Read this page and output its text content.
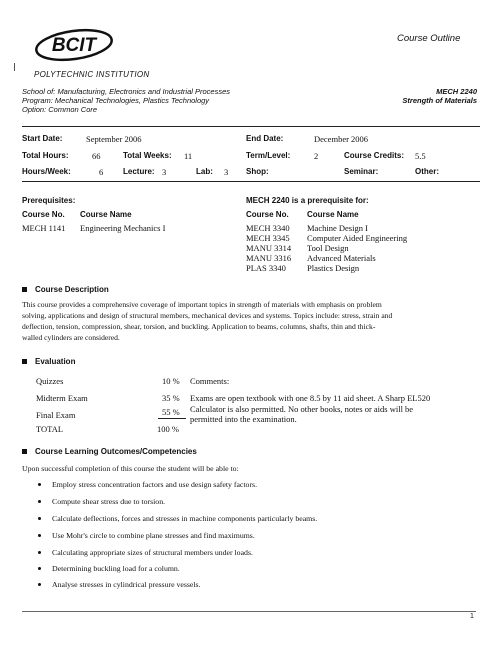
BCIT
POLYTECHNIC INSTITUTION
Course Outline
School of: Manufacturing, Electronics and Industrial Processes
Program: Mechanical Technologies, Plastics Technology
Option: Common Core
MECH 2240
Strength of Materials
Start Date:	September 2006	End Date:	December 2006
Total Hours:	66	Total Weeks: 11	Term/Level:	2	Course Credits: 5.5
Hours/Week:	6 Lecture: 3	Lab: 3 Shop:	Seminar:	Other:
Prerequisites:
Course No. Course Name
MECH 1141 Engineering Mechanics I
MECH 2240 is a prerequisite for:
Course No. Course Name
MECH 3340 Machine Design I
MECH 3345 Computer Aided Engineering
MANU 3314 Tool Design
MANU 3316 Advanced Materials
PLAS 3340 Plastics Design
Course Description
This course provides a comprehensive coverage of important topics in strength of materials with emphasis on problem
solving, applications and design of structural members, mechanical devices and systems. Topics include: stress, strain and
deflection, tension, compression, shear, torsion, and buckling. Application to beams, columns, shafts, thin and thick-
walled cylinders are considered.
Evaluation
Quizzes	10 % Comments:
Midterm Exam	35 % Exams are open textbook with one 8.5 by 11 aid sheet. A Sharp EL520
Final Exam	55 % Calculator is also permitted. No other books, notes or aids will be
permitted into the examination.
TOTAL	100 %
Course Learning Outcomes/Competencies
Upon successful completion of this course the student will be able to:
Employ stress concentration factors and use design safety factors.
Compute shear stress due to torsion.
Calculate deflections, forces and stresses in machine components particularly beams.
Use Mohr's circle to combine plane stresses and find maximums.
Calculating appropriate sizes of structural members under loads.
Determining buckling load for a column.
Analyse stresses in cylindrical pressure vessels.
1
